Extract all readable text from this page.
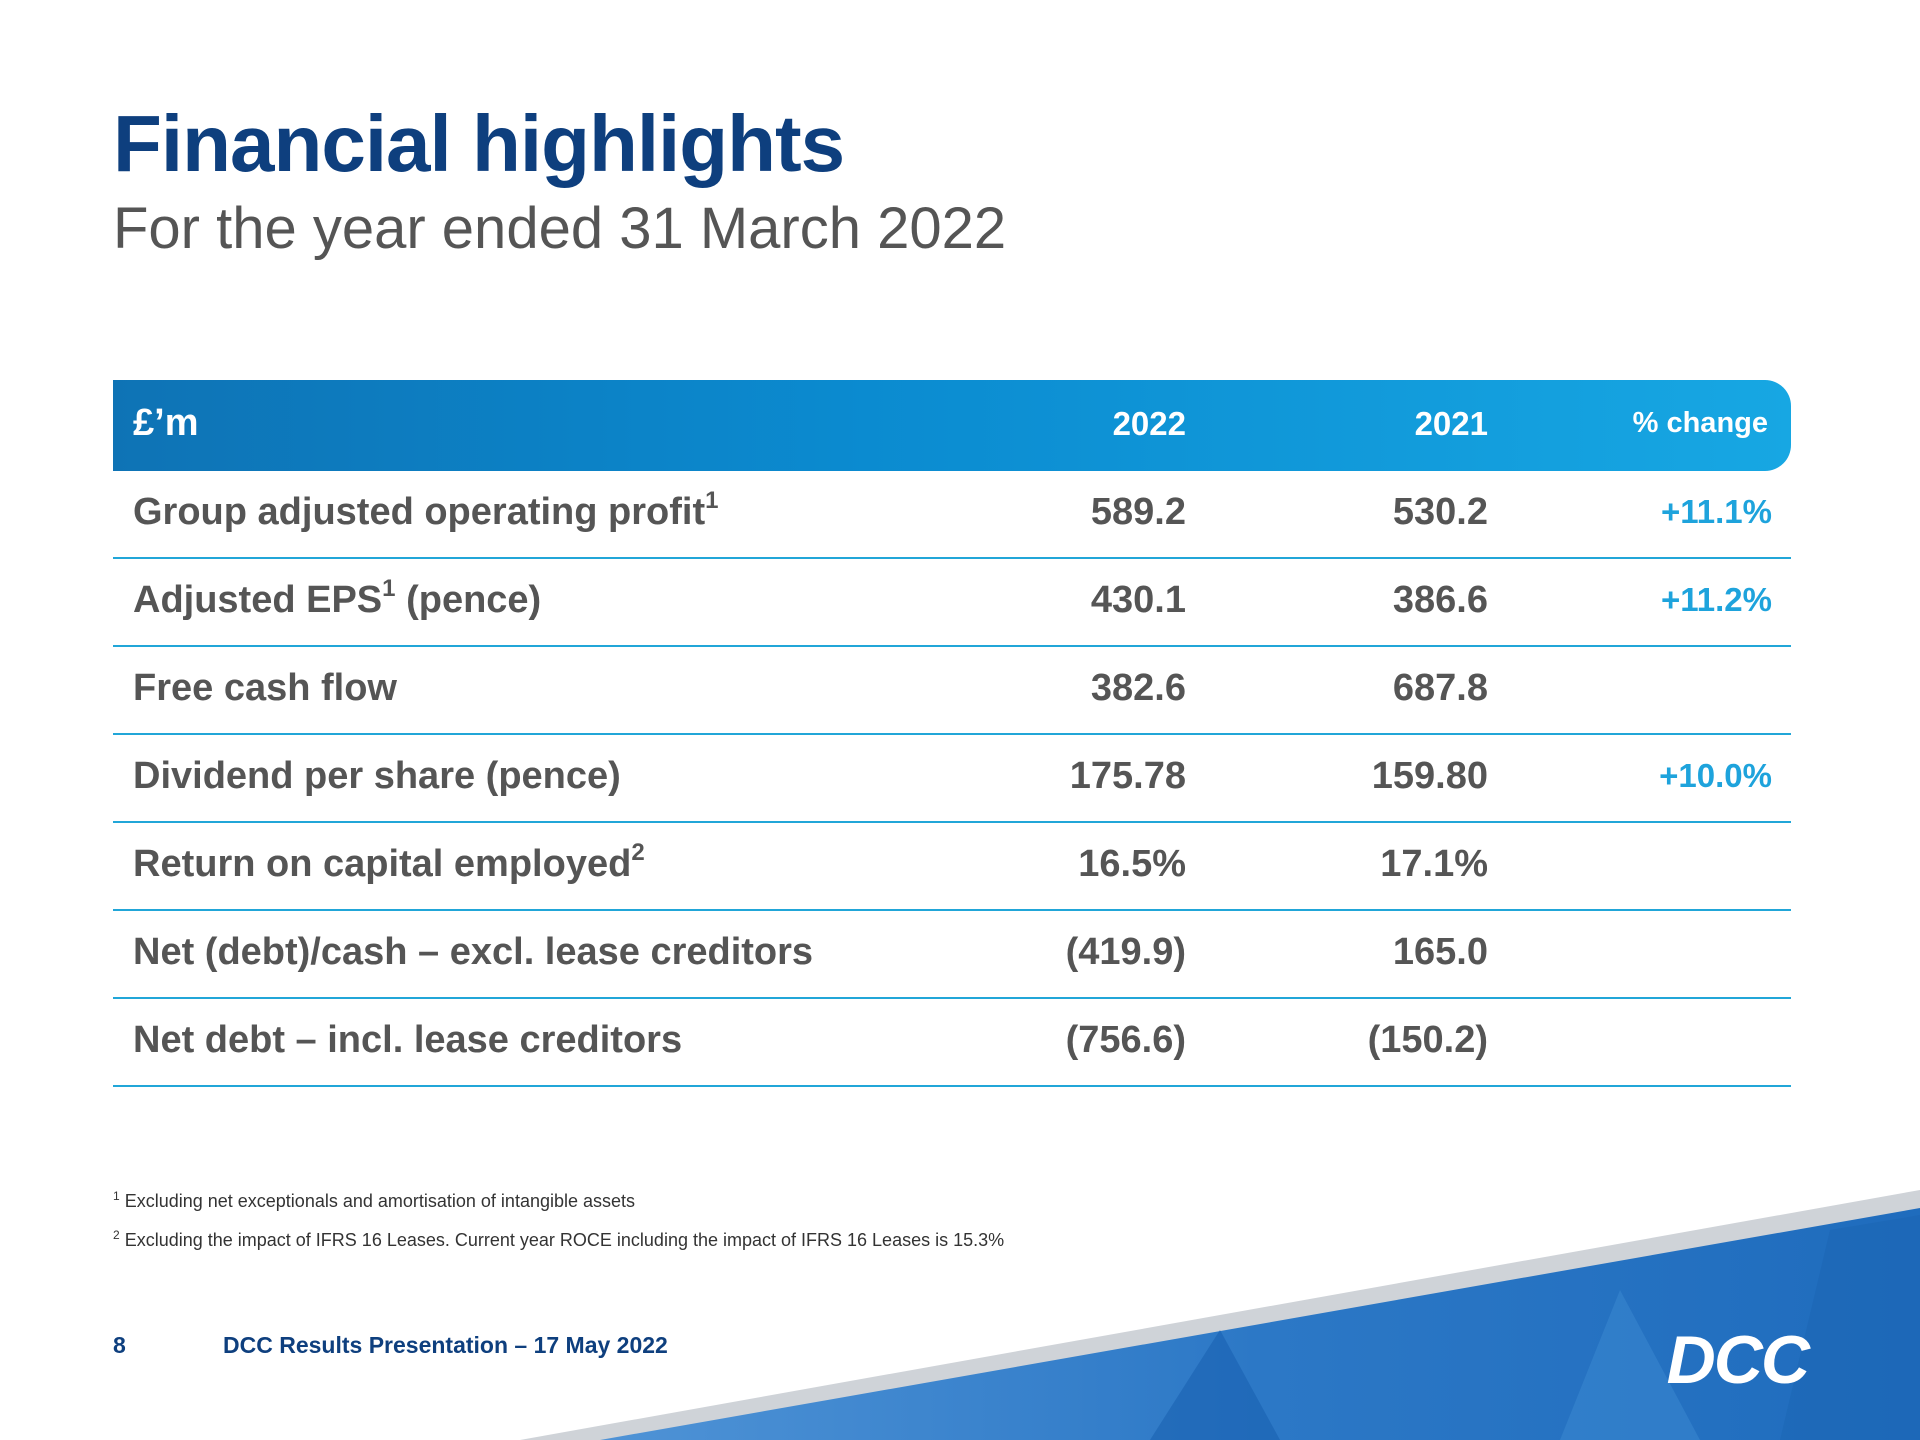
Financial highlights

For the year ended 31 March 2022

£’m	2022	2021	% change
Group adjusted operating profit$^1$	589.2	530.2	+11.1%
Adjusted EPS$^1$ (pence)	430.1	386.6	+11.2%
Free cash flow	382.6	687.8
Dividend per share (pence)	175.78	159.80	+10.0%
Return on capital employed$^2$	16.5%	17.1%
Net (debt)/cash – excl. lease creditors	(419.9)	165.0
Net debt – incl. lease creditors	(756.6)	(150.2)
$^1$ Excluding net exceptionals and amortisation of intangible assets
$^2$ Excluding the impact of IFRS 16 Leases. Current year ROCE including the impact of IFRS 16 Leases is 15.3%
8	DCC Results Presentation – 17 May 2022	DCC
